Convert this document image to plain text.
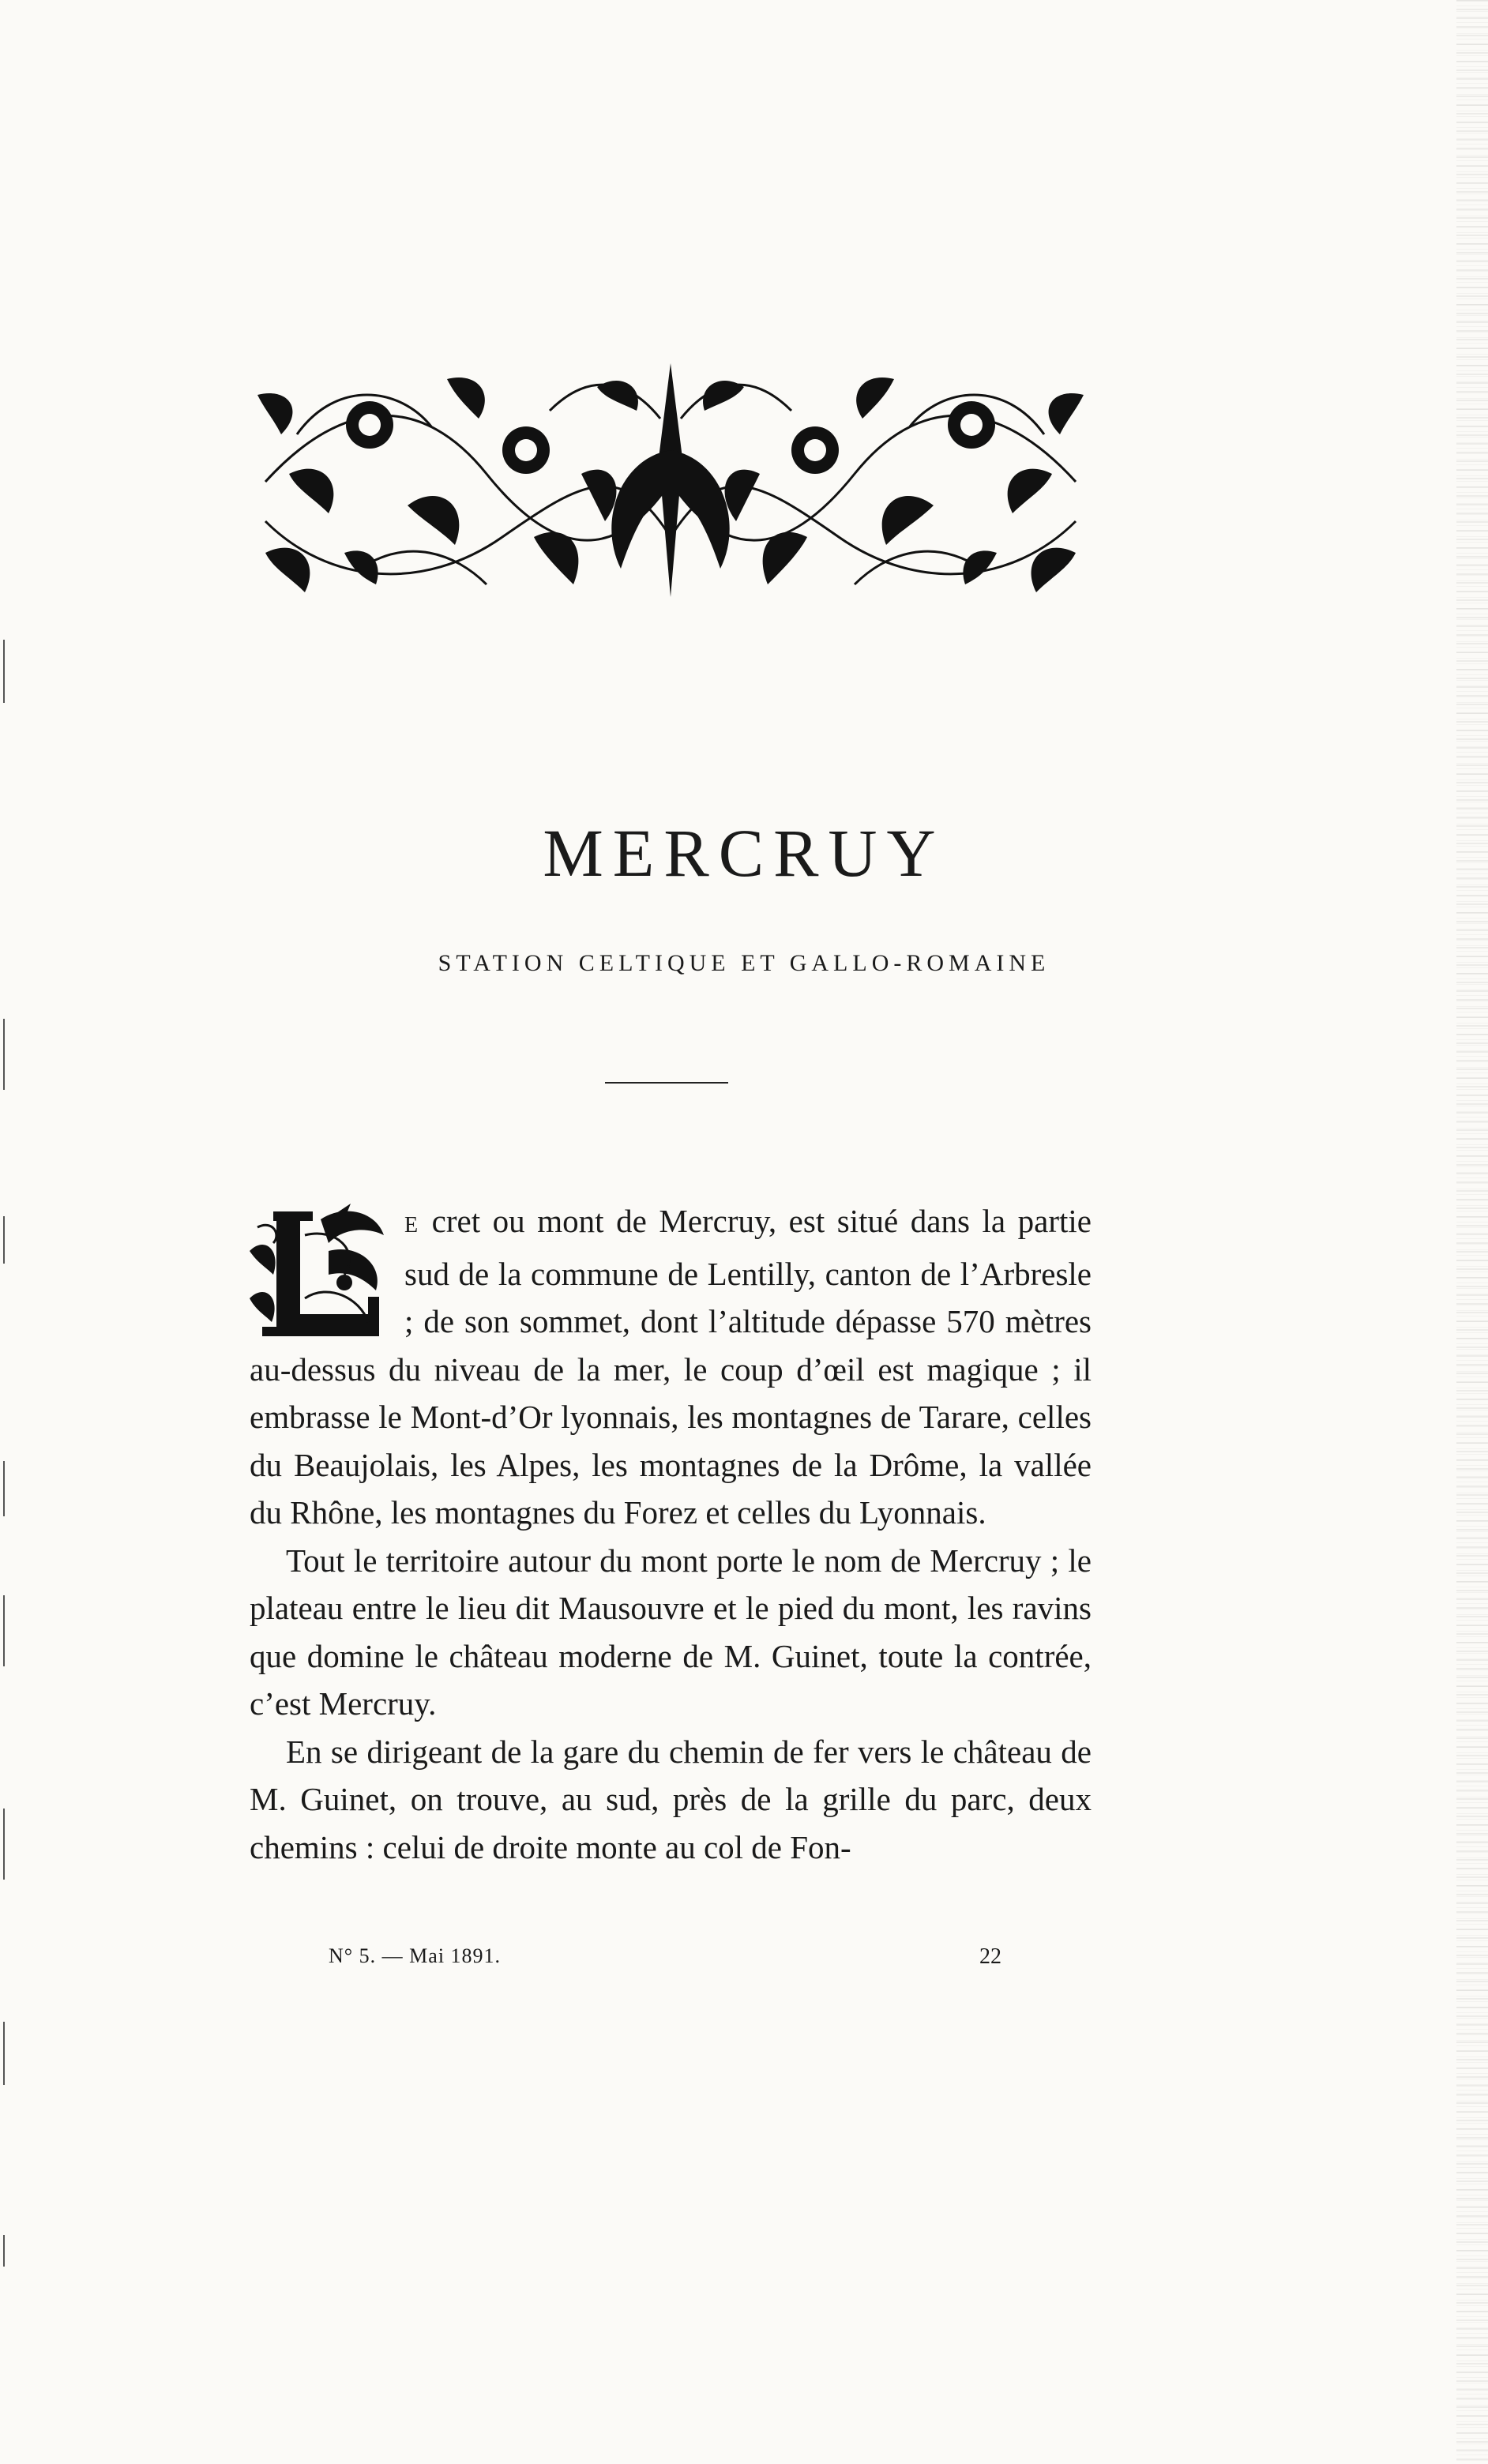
MERCRUY
STATION CELTIQUE ET GALLO-ROMAINE

E cret ou mont de Mercruy, est situé dans la partie sud de la commune de Lentilly, canton de l’Arbresle ; de son sommet, dont l’altitude dépasse 570 mètres au-dessus du niveau de la mer, le coup d’œil est magique ; il embrasse le Mont-d’Or lyonnais, les montagnes de Tarare, celles du Beaujolais, les Alpes, les montagnes de la Drôme, la vallée du Rhône, les montagnes du Forez et celles du Lyonnais.

Tout le territoire autour du mont porte le nom de Mercruy ; le plateau entre le lieu dit Mausouvre et le pied du mont, les ravins que domine le château moderne de M. Guinet, toute la contrée, c’est Mercruy.

En se dirigeant de la gare du chemin de fer vers le château de M. Guinet, on trouve, au sud, près de la grille du parc, deux chemins : celui de droite monte au col de Fon-

N° 5. — Mai 1891.	22
